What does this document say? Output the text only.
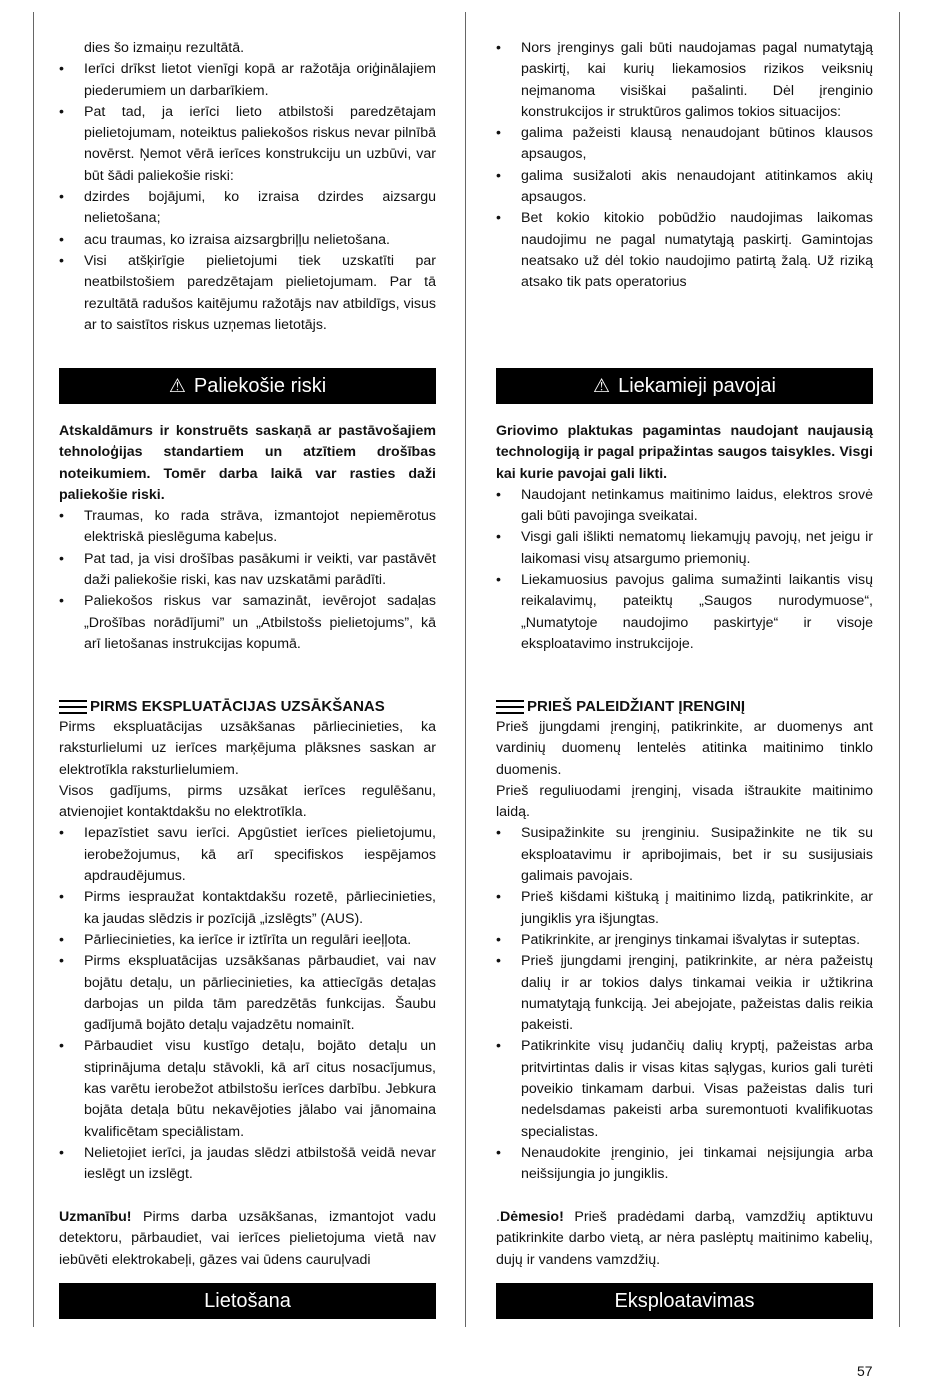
dies šo izmaiņu rezultātā.
• Ierīci drīkst lietot vienīgi kopā ar ražotāja oriģinālajiem piederumiem un darbarīkiem.
• Pat tad, ja ierīci lieto atbilstoši paredzētajam pielietojumam, noteiktus paliekošos riskus nevar pilnībā novērst. Ņemot vērā ierīces konstrukciju un uzbūvi, var būt šādi paliekošie riski:
• dzirdes bojājumi, ko izraisa dzirdes aizsargu nelietošana;
• acu traumas, ko izraisa aizsargbriļļu nelietošana.
• Visi atšķirīgie pielietojumi tiek uzskatīti par neatbilstošiem paredzētajam pielietojumam. Par tā rezultātā radušos kaitējumu ražotājs nav atbildīgs, visus ar to saistītos riskus uzņemas lietotājs.
⚠ Paliekošie riski

Atskaldāmurs ir konstruēts saskaņā ar pastāvošajiem tehnoloģijas standartiem un atzītiem drošības noteikumiem. Tomēr darba laikā var rasties daži paliekošie riski.

• Traumas, ko rada strāva, izmantojot nepiemērotus elektriskā pieslēguma kabeļus.
• Pat tad, ja visi drošības pasākumi ir veikti, var pastāvēt daži paliekošie riski, kas nav uzskatāmi parādīti.
• Paliekošos riskus var samazināt, ievērojot sadaļas „Drošības norādījumi” un „Atbilstošs pielietojums”, kā arī lietošanas instrukcijas kopumā.
PIRMS EKSPLUATĀCIJAS UZSĀKŠANAS

Pirms ekspluatācijas uzsākšanas pārliecinieties, ka raksturlielumi uz ierīces marķējuma plāksnes saskan ar elektrotīkla raksturlielumiem.

Visos gadījums, pirms uzsākat ierīces regulēšanu, atvienojiet kontaktdakšu no elektrotīkla.

• Iepazīstiet savu ierīci. Apgūstiet ierīces pielietojumu, ierobežojumus, kā arī specifiskos iespējamos apdraudējumus.
• Pirms iespraužat kontaktdakšu rozetē, pārliecinieties, ka jaudas slēdzis ir pozīcijā „izslēgts” (AUS).
• Pārliecinieties, ka ierīce ir iztīrīta un regulāri ieeļļota.
• Pirms ekspluatācijas uzsākšanas pārbaudiet, vai nav bojātu detaļu, un pārliecinieties, ka attiecīgās detaļas darbojas un pilda tām paredzētās funkcijas. Šaubu gadījumā bojāto detaļu vajadzētu nomainīt.
• Pārbaudiet visu kustīgo detaļu, bojāto detaļu un stiprinājuma detaļu stāvokli, kā arī citus nosacījumus, kas varētu ierobežot atbilstošu ierīces darbību. Jebkura bojāta detaļa būtu nekavējoties jālabo vai jānomaina kvalificētam speciālistam.
• Nelietojiet ierīci, ja jaudas slēdzi atbilstošā veidā nevar ieslēgt un izslēgt.

Uzmanību! Pirms darba uzsākšanas, izmantojot vadu detektoru, pārbaudiet, vai ierīces pielietojuma vietā nav iebūvēti elektrokabeļi, gāzes vai ūdens cauruļvadi

Lietošana
• Nors įrenginys gali būti naudojamas pagal numatytąją paskirtį, kai kurių liekamosios rizikos veiksnių neįmanoma visiškai pašalinti. Dėl įrenginio konstrukcijos ir struktūros galimos tokios situacijos:
• galima pažeisti klausą nenaudojant būtinos klausos apsaugos,
• galima susižaloti akis nenaudojant atitinkamos akių apsaugos.
• Bet kokio kitokio pobūdžio naudojimas laikomas naudojimu ne pagal numatytąją paskirtį. Gamintojas neatsako už dėl tokio naudojimo patirtą žalą. Už riziką atsako tik pats operatorius
⚠ Liekamieji pavojai

Griovimo plaktukas pagamintas naudojant naujausią technologiją ir pagal pripažintas saugos taisykles. Visgi kai kurie pavojai gali likti.

• Naudojant netinkamus maitinimo laidus, elektros srovė gali būti pavojinga sveikatai.
• Visgi gali išlikti nematomų liekamųjų pavojų, net jeigu ir laikomasi visų atsargumo priemonių.
• Liekamuosius pavojus galima sumažinti laikantis visų reikalavimų, pateiktų „Saugos nurodymuose“, „Numatytoje naudojimo paskirtyje“ ir visoje eksploatavimo instrukcijoje.
PRIEŠ PALEIDŽIANT ĮRENGINĮ

Prieš įjungdami įrenginį, patikrinkite, ar duomenys ant vardinių duomenų lentelės atitinka maitinimo tinklo duomenis.

Prieš reguliuodami įrenginį, visada ištraukite maitinimo laidą.

• Susipažinkite su įrenginiu. Susipažinkite ne tik su eksploatavimu ir apribojimais, bet ir su susijusiais galimais pavojais.
• Prieš kišdami kištuką į maitinimo lizdą, patikrinkite, ar jungiklis yra išjungtas.
• Patikrinkite, ar įrenginys tinkamai išvalytas ir suteptas.
• Prieš įjungdami įrenginį, patikrinkite, ar nėra pažeistų dalių ir ar tokios dalys tinkamai veikia ir užtikrina numatytąją funkciją. Jei abejojate, pažeistas dalis reikia pakeisti.
• Patikrinkite visų judančių dalių kryptį, pažeistas arba pritvirtintas dalis ir visas kitas sąlygas, kurios gali turėti poveikio tinkamam darbui. Visas pažeistas dalis turi nedelsdamas pakeisti arba suremontuoti kvalifikuotas specialistas.
• Nenaudokite įrenginio, jei tinkamai neįsijungia arba neišsijungia jo jungiklis.

.Dėmesio! Prieš pradėdami darbą, vamzdžių aptiktuvu patikrinkite darbo vietą, ar nėra paslėptų maitinimo kabelių, dujų ir vandens vamzdžių.

Eksploatavimas
57
